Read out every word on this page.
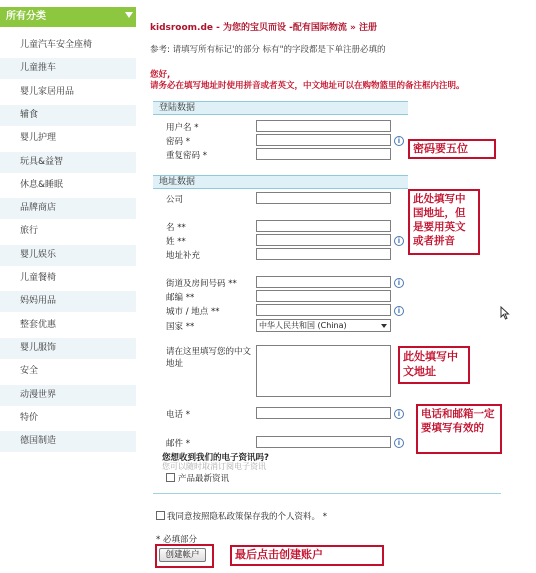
所有分类
儿童汽车安全座椅
儿童推车
婴儿家居用品
辅食
婴儿护理
玩具&益智
休息&睡眠
品牌商店
旅行
婴儿娱乐
儿童餐椅
妈妈用品
整套优惠
婴儿服饰
安全
动漫世界
特价
德国制造
kidsroom.de - 为您的宝贝而设 -配有国际物流 » 注册
参考: 请填写所有标记'的部分 标有"的字段都是下单注册必填的
您好,
请务必在填写地址时使用拼音或者英文，中文地址可以在购物篮里的备注框内注明。
登陆数据
用户名 *
密码 *	i
重复密码 *
密码要五位
地址数据
公司
名 **
姓 **
地址补充
i
街道及房间号码 **	i
邮编 **
城市 / 地点 **	i
国家 **	中华人民共和国 (China)
此处填写中国地址，但是要用英文或者拼音
请在这里填写您的中文地址
此处填写中文地址
电话 *	i
邮件 *	i
电话和邮箱一定要填写有效的
您想收到我们的电子资讯吗?
您可以随时取消订阅电子资讯
产品最新资讯
我同意按照隐私政策保存我的个人资料。 *
* 必填部分
创建帐户	最后点击创建账户
